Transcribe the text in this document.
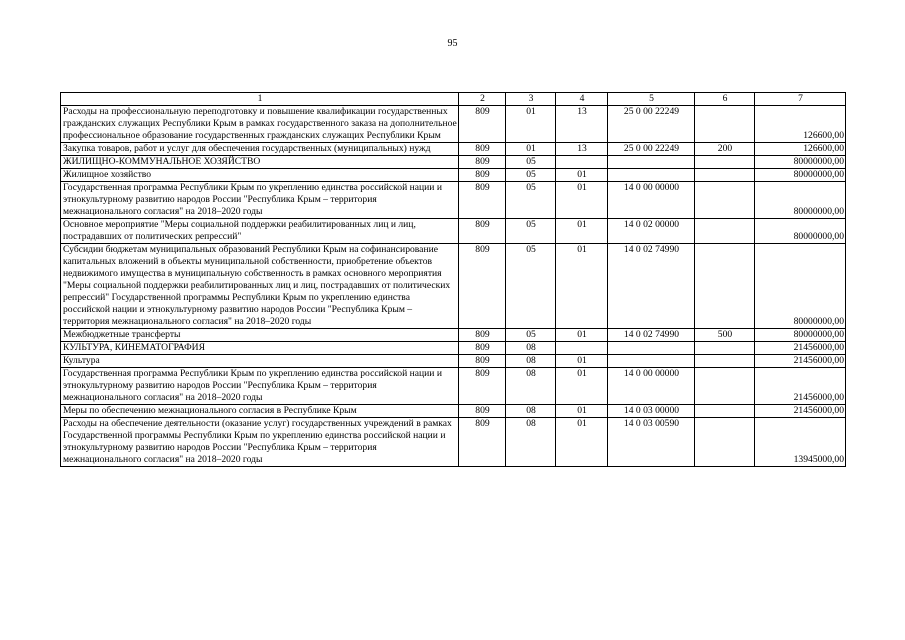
95
1	2	3	4	5	6	7
Расходы на профессиональную переподготовку и повышение квалификации государственных гражданских служащих Республики Крым в рамках государственного заказа на дополнительное профессиональное образование государственных гражданских служащих Республики Крым	809	01	13	25 0 00 22249		126600,00
Закупка товаров, работ и услуг для обеспечения государственных (муниципальных) нужд	809	01	13	25 0 00 22249	200	126600,00
ЖИЛИЩНО-КОММУНАЛЬНОЕ ХОЗЯЙСТВО	809	05				80000000,00
Жилищное хозяйство	809	05	01			80000000,00
Государственная программа Республики Крым по укреплению единства российской нации и этнокультурному развитию народов России "Республика Крым – территория межнационального согласия" на 2018–2020 годы	809	05	01	14 0 00 00000		80000000,00
Основное мероприятие "Меры социальной поддержки реабилитированных лиц и лиц, пострадавших от политических репрессий"	809	05	01	14 0 02 00000		80000000,00
Субсидии бюджетам муниципальных образований Республики Крым на софинансирование капитальных вложений в объекты муниципальной собственности, приобретение объектов недвижимого имущества в муниципальную собственность в рамках основного мероприятия "Меры социальной поддержки реабилитированных лиц и лиц, пострадавших от политических репрессий" Государственной программы Республики Крым по укреплению единства российской нации и этнокультурному развитию народов России "Республика Крым – территория межнационального согласия" на 2018–2020 годы	809	05	01	14 0 02 74990		80000000,00
Межбюджетные трансферты	809	05	01	14 0 02 74990	500	80000000,00
КУЛЬТУРА, КИНЕМАТОГРАФИЯ	809	08				21456000,00
Культура	809	08	01			21456000,00
Государственная программа Республики Крым по укреплению единства российской нации и этнокультурному развитию народов России "Республика Крым – территория межнационального согласия" на 2018–2020 годы	809	08	01	14 0 00 00000		21456000,00
Меры по обеспечению межнационального согласия в Республике Крым	809	08	01	14 0 03 00000		21456000,00
Расходы на обеспечение деятельности (оказание услуг) государственных учреждений в рамках Государственной программы Республики Крым по укреплению единства российской нации и этнокультурному развитию народов России "Республика Крым – территория межнационального согласия" на 2018–2020 годы	809	08	01	14 0 03 00590		13945000,00
